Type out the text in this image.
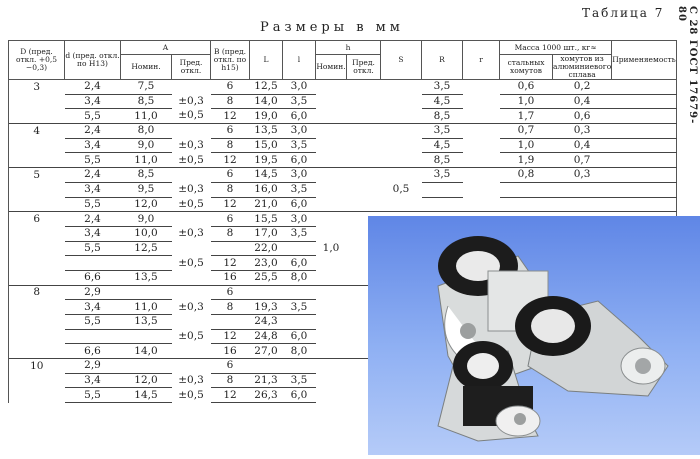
Таблица 7
Размеры в мм	С 28 ГОСТ 17679-80
D (пред. откл. +0,5 −0,3)	d (пред. откл. по Н13)	A		B (пред. откл. по h15)	L	l	h		S	R	r	Масса 1000 шт., кг≈		Применяемость
		Номин.	Пред. откл.				Номин.	Пред. откл.				стальных хомутов	хомутов из алюминиевого сплава	
3	2,4	7,5		6	12,5	3,0				3,5		0,6	0,2	
	3,4	8,5	±0,3	8	14,0	3,5				4,5		1,0	0,4	
	5,5	11,0	±0,5	12	19,0	6,0				8,5		1,7	0,6	
4	2,4	8,0		6	13,5	3,0				3,5		0,7	0,3	
	3,4	9,0	±0,3	8	15,0	3,5				4,5		1,0	0,4	
	5,5	11,0	±0,5	12	19,5	6,0				8,5		1,9	0,7	
5	2,4	8,5		6	14,5	3,0				3,5		0,8	0,3	
	3,4	9,5	±0,3	8	16,0	3,5			0,5					
	5,5	12,0	±0,5	12	21,0	6,0								
6	2,4	9,0		6	15,5	3,0								
	3,4	10,0	±0,3	8	17,0	3,5								
	5,5	12,5			22,0		1,0							
			±0,5	12	23,0	6,0								
	6,6	13,5		16	25,5	8,0								
8	2,9			6										
	3,4	11,0	±0,3	8	19,3	3,5								
	5,5	13,5			24,3									
			±0,5	12	24,8	6,0								
	6,6	14,0		16	27,0	8,0								
10	2,9			6										
	3,4	12,0	±0,3	8	21,3	3,5								
	5,5	14,5	±0,5	12	26,3	6,0								
